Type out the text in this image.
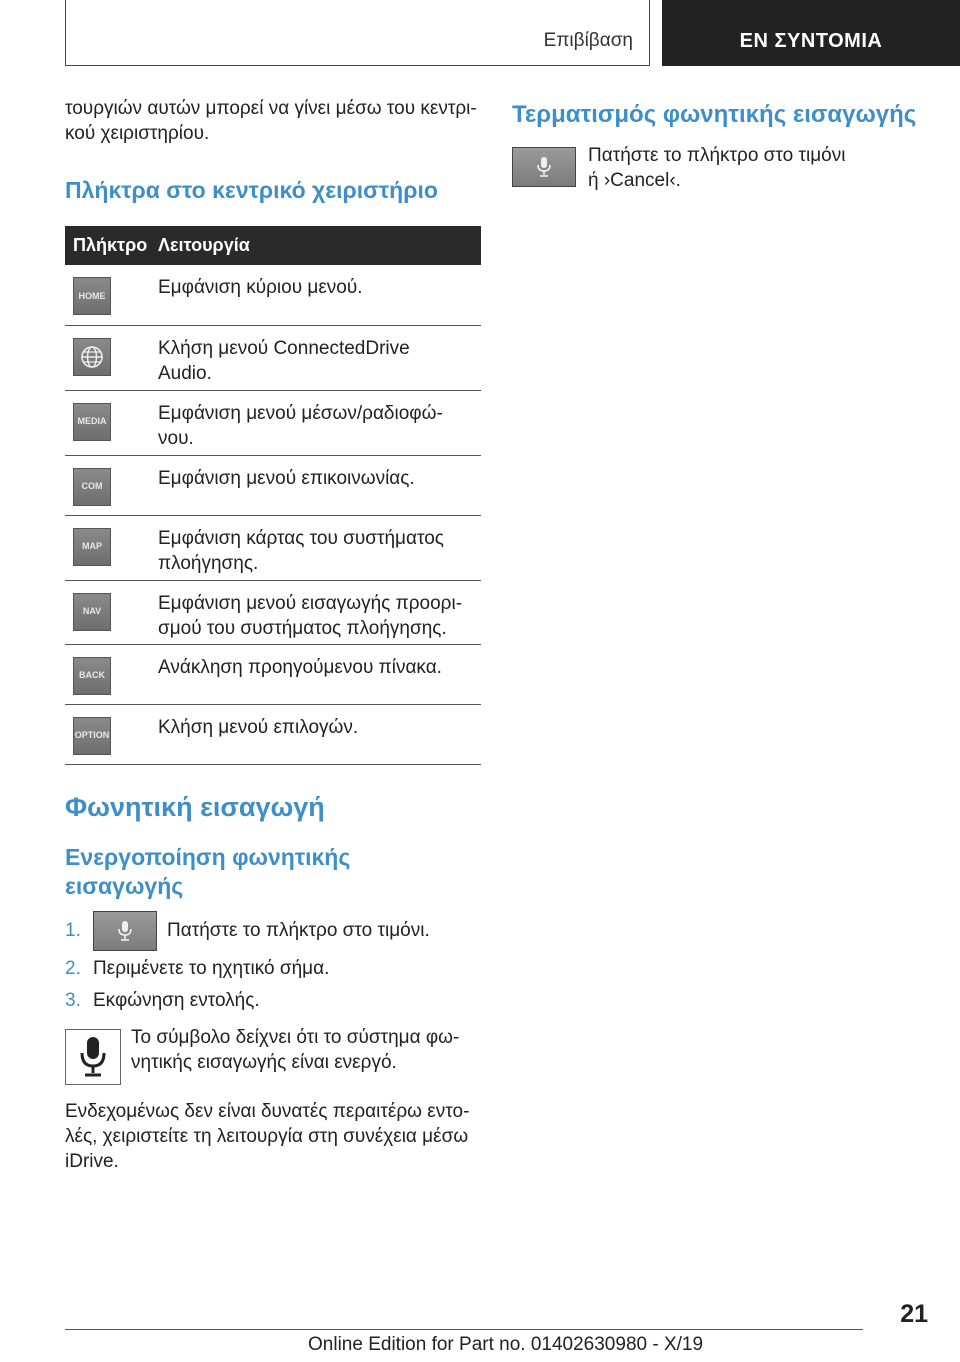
Επιβίβαση	ΕΝ ΣΥΝΤΟΜΙΑ

τουργιών αυτών μπορεί να γίνει μέσω του κεντρι-κού χειριστηρίου.

Πλήκτρα στο κεντρικό χειριστήριο
Πλήκτρο	Λειτουργία

HOME	Εμφάνιση κύριου μενού.

	Κλήση μενού ConnectedDrive Audio.

MEDIA	Εμφάνιση μενού μέσων/ραδιοφώ-νου.

COM	Εμφάνιση μενού επικοινωνίας.

MAP	Εμφάνιση κάρτας του συστήματος πλοήγησης.

NAV	Εμφάνιση μενού εισαγωγής προορι-σμού του συστήματος πλοήγησης.

BACK	Ανάκληση προηγούμενου πίνακα.

OPTION	Κλήση μενού επιλογών.
Φωνητική εισαγωγή
Ενεργοποίηση φωνητικής εισαγωγής
1.	Πατήστε το πλήκτρο στο τιμόνι.
2. Περιμένετε το ηχητικό σήμα.
3. Εκφώνηση εντολής.

Το σύμβολο δείχνει ότι το σύστημα φω-νητικής εισαγωγής είναι ενεργό.

Ενδεχομένως δεν είναι δυνατές περαιτέρω εντο-λές, χειριστείτε τη λειτουργία στη συνέχεια μέσω iDrive.

Τερματισμός φωνητικής εισαγωγής

Πατήστε το πλήκτρο στο τιμόνι ή ›Cancel‹.

21
Online Edition for Part no. 01402630980 - X/19
